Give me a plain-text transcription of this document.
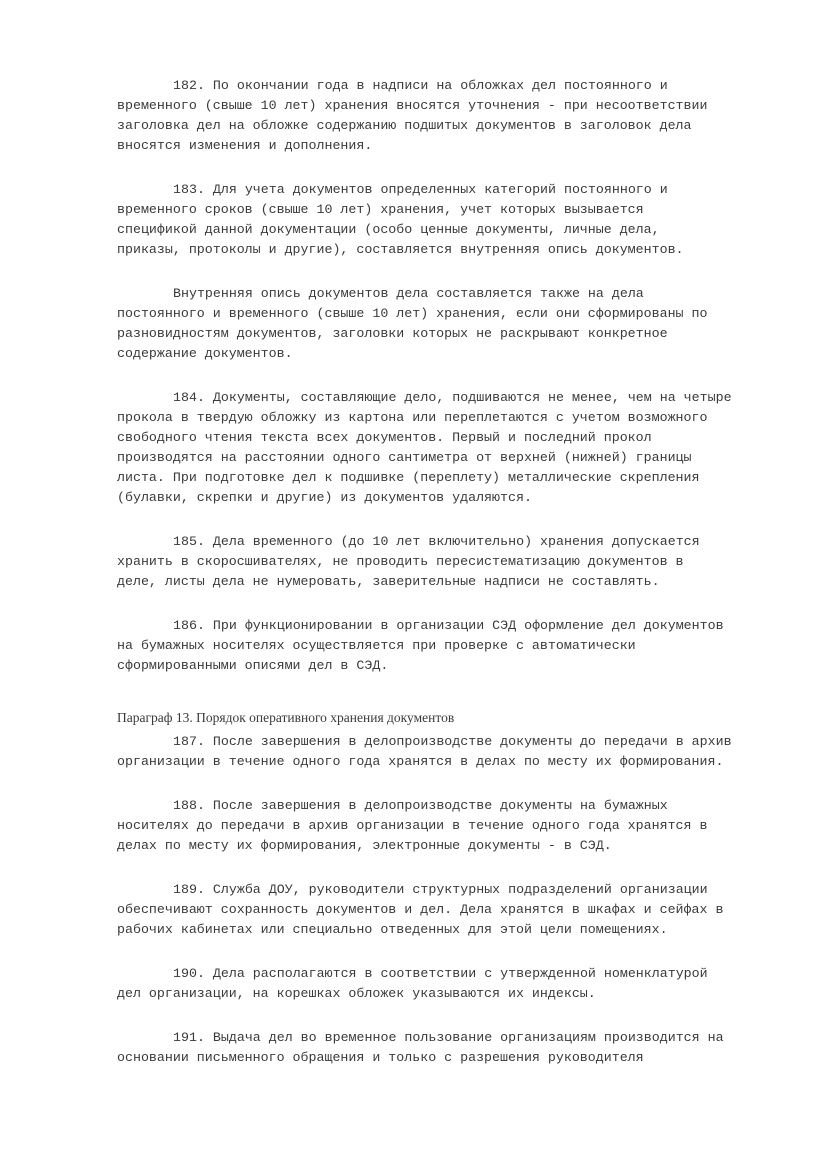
182. По окончании года в надписи на обложках дел постоянного и
временного (свыше 10 лет) хранения вносятся уточнения - при несоответствии
заголовка дел на обложке содержанию подшитых документов в заголовок дела
вносятся изменения и дополнения.
183. Для учета документов определенных категорий постоянного и
временного сроков (свыше 10 лет) хранения, учет которых вызывается
спецификой данной документации (особо ценные документы, личные дела,
приказы, протоколы и другие), составляется внутренняя опись документов.
Внутренняя опись документов дела составляется также на дела
постоянного и временного (свыше 10 лет) хранения, если они сформированы по
разновидностям документов, заголовки которых не раскрывают конкретное
содержание документов.
184. Документы, составляющие дело, подшиваются не менее, чем на четыре
прокола в твердую обложку из картона или переплетаются с учетом возможного
свободного чтения текста всех документов. Первый и последний прокол
производятся на расстоянии одного сантиметра от верхней (нижней) границы
листа. При подготовке дел к подшивке (переплету) металлические скрепления
(булавки, скрепки и другие) из документов удаляются.
185. Дела временного (до 10 лет включительно) хранения допускается
хранить в скоросшивателях, не проводить пересистематизацию документов в
деле, листы дела не нумеровать, заверительные надписи не составлять.
186. При функционировании в организации СЭД оформление дел документов
на бумажных носителях осуществляется при проверке с автоматически
сформированными описями дел в СЭД.
Параграф 13. Порядок оперативного хранения документов
187. После завершения в делопроизводстве документы до передачи в архив
организации в течение одного года хранятся в делах по месту их формирования.
188. После завершения в делопроизводстве документы на бумажных
носителях до передачи в архив организации в течение одного года хранятся в
делах по месту их формирования, электронные документы - в СЭД.
189. Служба ДОУ, руководители структурных подразделений организации
обеспечивают сохранность документов и дел. Дела хранятся в шкафах и сейфах в
рабочих кабинетах или специально отведенных для этой цели помещениях.
190. Дела располагаются в соответствии с утвержденной номенклатурой
дел организации, на корешках обложек указываются их индексы.
191. Выдача дел во временное пользование организациям производится на
основании письменного обращения и только с разрешения руководителя
